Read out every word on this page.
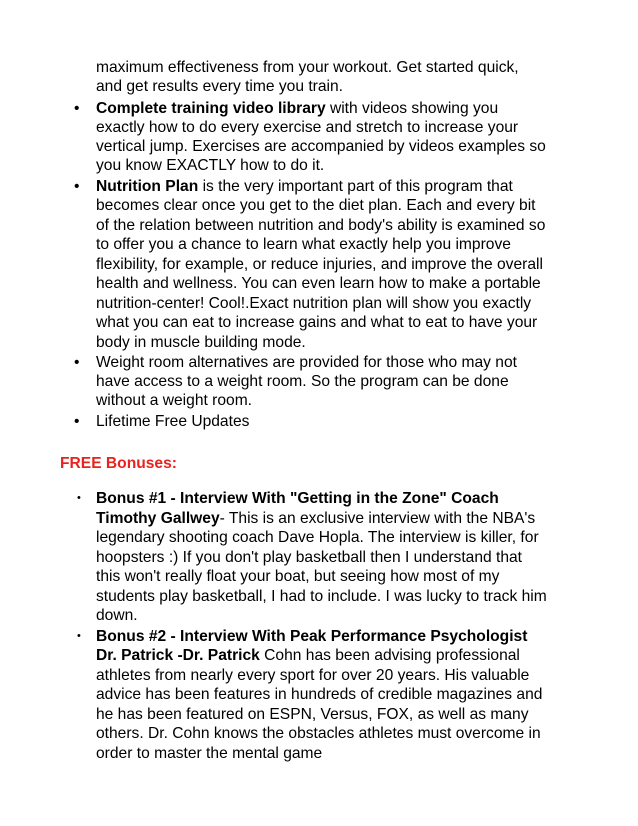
maximum effectiveness from your workout. Get started quick,
and get results every time you train.
• Complete training video library with videos showing you
exactly how to do every exercise and stretch to increase your
vertical jump. Exercises are accompanied by videos examples so
you know EXACTLY how to do it.
• Nutrition Plan is the very important part of this program that
becomes clear once you get to the diet plan. Each and every bit
of the relation between nutrition and body's ability is examined so
to offer you a chance to learn what exactly help you improve
flexibility, for example, or reduce injuries, and improve the overall
health and wellness. You can even learn how to make a portable
nutrition-center! Cool!.Exact nutrition plan will show you exactly
what you can eat to increase gains and what to eat to have your
body in muscle building mode.
• Weight room alternatives are provided for those who may not
have access to a weight room. So the program can be done
without a weight room.
• Lifetime Free Updates
FREE Bonuses:
• Bonus #1 - Interview With "Getting in the Zone" Coach
Timothy Gallwey- This is an exclusive interview with the NBA's
legendary shooting coach Dave Hopla. The interview is killer, for
hoopsters :) If you don't play basketball then I understand that
this won't really float your boat, but seeing how most of my
students play basketball, I had to include. I was lucky to track him
down.
• Bonus #2 - Interview With Peak Performance Psychologist
Dr. Patrick -Dr. Patrick Cohn has been advising professional
athletes from nearly every sport for over 20 years. His valuable
advice has been features in hundreds of credible magazines and
he has been featured on ESPN, Versus, FOX, as well as many
others. Dr. Cohn knows the obstacles athletes must overcome in
order to master the mental game
